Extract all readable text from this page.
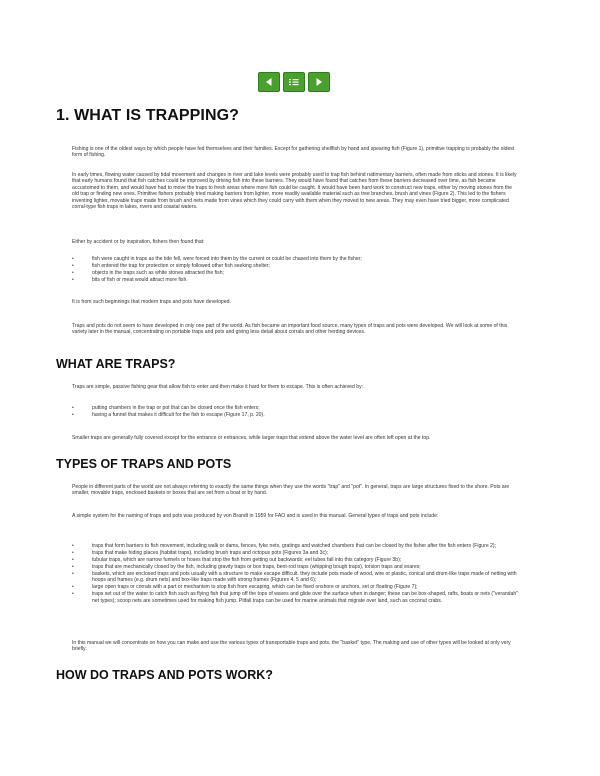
1. WHAT IS TRAPPING?

Fishing is one of the oldest ways by which people have fed themselves and their families. Except for gathering shellfish by hand and spearing fish (Figure 1), primitive trapping is probably the oldest form of fishing.

In early times, flowing water caused by tidal movement and changes in river and lake levels were probably used to trap fish behind rudimentary barriers, often made from sticks and stones. It is likely that early humans found that fish catches could be improved by driving fish into these barriers. They would have found that catches from these barriers decreased over time, as fish became accustomed to them, and would have had to move the traps to fresh areas where more fish could be caught. It would have been hard work to construct new traps, either by moving stones from the old trap or finding new ones. Primitive fishers probably tried making barriers from lighter, more readily available material such as tree branches, brush and vines (Figure 2). This led to the fishers inventing lighter, movable traps made from brush and nets made from vines which they could carry with them when they moved to new areas. They may even have tried bigger, more complicated corral-type fish traps in lakes, rivers and coastal waters.

Either by accident or by inspiration, fishers then found that:

• fish were caught in traps as the tide fell, were forced into them by the current or could be chased into them by the fisher;
• fish entered the trap for protection or simply followed other fish seeking shelter;
• objects in the traps such as white stones attracted the fish;
• bits of fish or meat would attract more fish.

It is from such beginnings that modern traps and pots have developed.

Traps and pots do not seem to have developed in only one part of the world. As fish became an important food source, many types of traps and pots were developed. We will look at some of this variety later in the manual, concentrating on portable traps and pots and giving less detail about corrals and other herding devices.

WHAT ARE TRAPS?

Traps are simple, passive fishing gear that allow fish to enter and then make it hard for them to escape. This is often achieved by:

• putting chambers in the trap or pot that can be closed once the fish enters;
• having a funnel that makes it difficult for the fish to escape (Figure 17, p. 20).

Smaller traps are generally fully covered except for the entrance or entrances, while larger traps that extend above the water level are often left open at the top.

TYPES OF TRAPS AND POTS

People in different parts of the world are not always referring to exactly the same things when they use the words "trap" and "pot". In general, traps are large structures fixed to the shore. Pots are smaller, movable traps, enclosed baskets or boxes that are set from a boat or by hand.

A simple system for the naming of traps and pots was produced by von Brandt in 1959 for FAO and is used in this manual. General types of traps and pots include:

• traps that form barriers to fish movement, including walk or dams, fences, fyke nets, gratings and watched chambers that can be closed by the fisher after the fish enters (Figure 2);
• traps that make hiding places (habitat traps), including brush traps and octopus pots (Figures 3a and 3c);
• tubular traps, which are narrow funnels or hoses that stop the fish from getting out backwards; eel tubes fall into this category (Figure 3b);
• traps that are mechanically closed by the fish, including gravity traps or box traps, bent-rod traps (whipping bough traps), torsion traps and snares;
• baskets, which are enclosed traps and pots usually with a structure to make escape difficult. they include pots made of wood, wire or plastic, conical and drum-like traps made of netting with hoops and frames (e.g. drum nets) and box-like traps made with strong frames (Figures 4, 5 and 6);
• large open traps or corrals with a part or mechanism to stop fish from escaping, which can be fixed onshore or anchors, set or floating (Figure 7);
• traps set out of the water to catch fish such as flying fish that jump off the tops of waves and glide over the surface when in danger; these can be box-shaped, rafts, boats or nets ("verandah" net types); scoop nets are sometimes used for making fish jump. Pitfall traps can be used for marine animals that migrate over land, such as coconut crabs.

In this manual we will concentrate on how you can make and use the various types of transportable traps and pots, the "basket" type. The making and use of other types will be looked at only very briefly.

HOW DO TRAPS AND POTS WORK?
